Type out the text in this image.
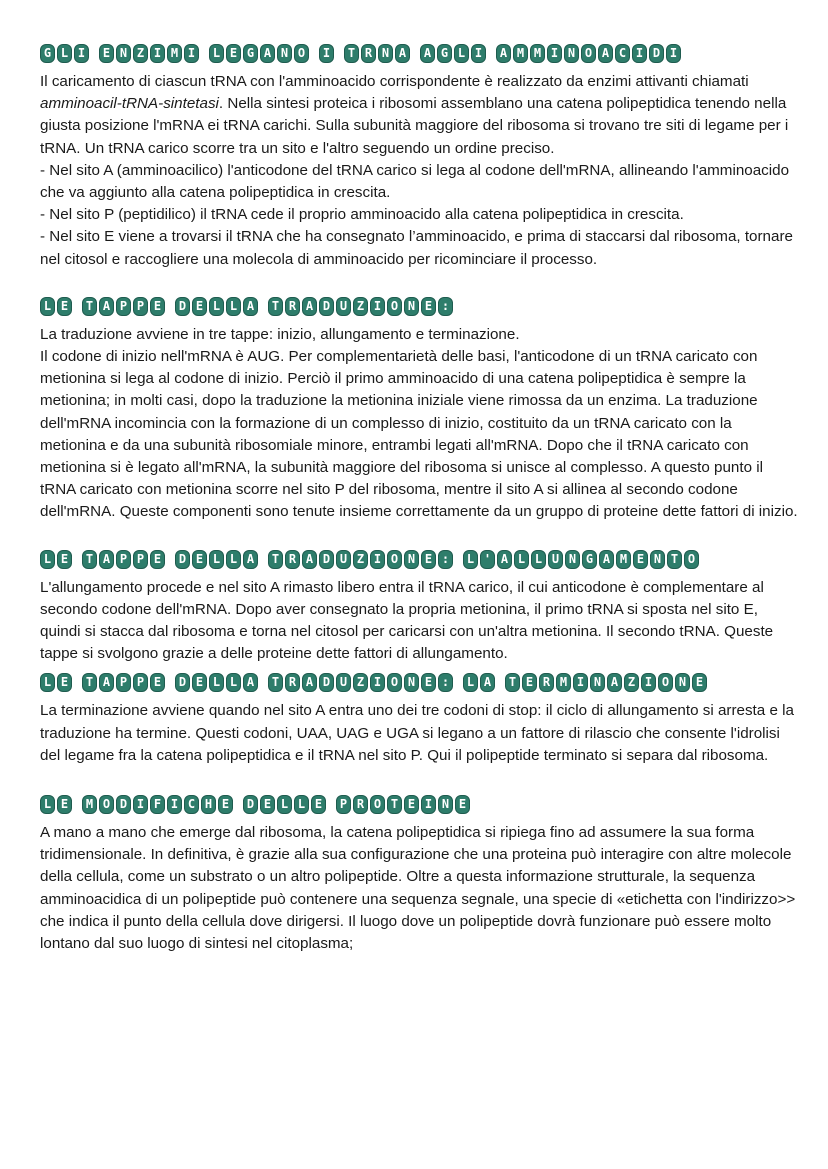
G L I	E N Z I M I	L E G A N O	I	T R N A	A G L I	A M M I N O A C I D I

Il caricamento di ciascun tRNA con l'amminoacido corrispondente è realizzato da enzimi attivanti chiamati amminoacil-tRNA-sintetasi. Nella sintesi proteica i ribosomi assemblano una catena polipeptidica tenendo nella giusta posizione l'mRNA ei tRNA carichi. Sulla subunità maggiore del ribosoma si trovano tre siti di legame per i tRNA. Un tRNA carico scorre tra un sito e l'altro seguendo un ordine preciso.

- Nel sito A (amminoacilico) l'anticodone del tRNA carico si lega al codone dell'mRNA, allineando l'amminoacido che va aggiunto alla catena polipeptidica in crescita.

- Nel sito P (peptidilico) il tRNA cede il proprio amminoacido alla catena polipeptidica in crescita.

- Nel sito E viene a trovarsi il tRNA che ha consegnato l’amminoacido, e prima di staccarsi dal ribosoma, tornare nel citosol e raccogliere una molecola di amminoacido per ricominciare il processo.

L E	T A P P E	D E L L A	T R A D U Z I O N E :

La traduzione avviene in tre tappe: inizio, allungamento e terminazione.

Il codone di inizio nell'mRNA è AUG. Per complementarietà delle basi, l'anticodone di un tRNA caricato con metionina si lega al codone di inizio. Perciò il primo amminoacido di una catena polipeptidica è sempre la metionina; in molti casi, dopo la traduzione la metionina iniziale viene rimossa da un enzima. La traduzione dell'mRNA incomincia con la formazione di un complesso di inizio, costituito da un tRNA caricato con la metionina e da una subunità ribosomiale minore, entrambi legati all'mRNA. Dopo che il tRNA caricato con metionina si è legato all'mRNA, la subunità maggiore del ribosoma si unisce al complesso. A questo punto il tRNA caricato con metionina scorre nel sito P del ribosoma, mentre il sito A si allinea al secondo codone dell'mRNA. Queste componenti sono tenute insieme correttamente da un gruppo di proteine dette fattori di inizio.

L E	T A P P E	D E L L A	T R A D U Z I O N E :	L ' A L L U N G A M E N T O

L'allungamento procede e nel sito A rimasto libero entra il tRNA carico, il cui anticodone è complementare al secondo codone dell'mRNA. Dopo aver consegnato la propria metionina, il primo tRNA si sposta nel sito E, quindi si stacca dal ribosoma e torna nel citosol per caricarsi con un'altra metionina. Il secondo tRNA. Queste tappe si svolgono grazie a delle proteine dette fattori di allungamento.

L E	T A P P E	D E L L A	T R A D U Z I O N E :	L A	T E R M I N A Z I O N E

La terminazione avviene quando nel sito A entra uno dei tre codoni di stop: il ciclo di allungamento si arresta e la traduzione ha termine. Questi codoni, UAA, UAG e UGA si legano a un fattore di rilascio che consente l'idrolisi del legame fra la catena polipeptidica e il tRNA nel sito P. Qui il polipeptide terminato si separa dal ribosoma.

L E	M O D I F I C H E	D E L L E	P R O T E I N E

A mano a mano che emerge dal ribosoma, la catena polipeptidica si ripiega fino ad assumere la sua forma tridimensionale. In definitiva, è grazie alla sua configurazione che una proteina può interagire con altre molecole della cellula, come un substrato o un altro polipeptide. Oltre a questa informazione strutturale, la sequenza amminoacidica di un polipeptide può contenere una sequenza segnale, una specie di «etichetta con l'indirizzo>> che indica il punto della cellula dove dirigersi. Il luogo dove un polipeptide dovrà funzionare può essere molto lontano dal suo luogo di sintesi nel citoplasma;
